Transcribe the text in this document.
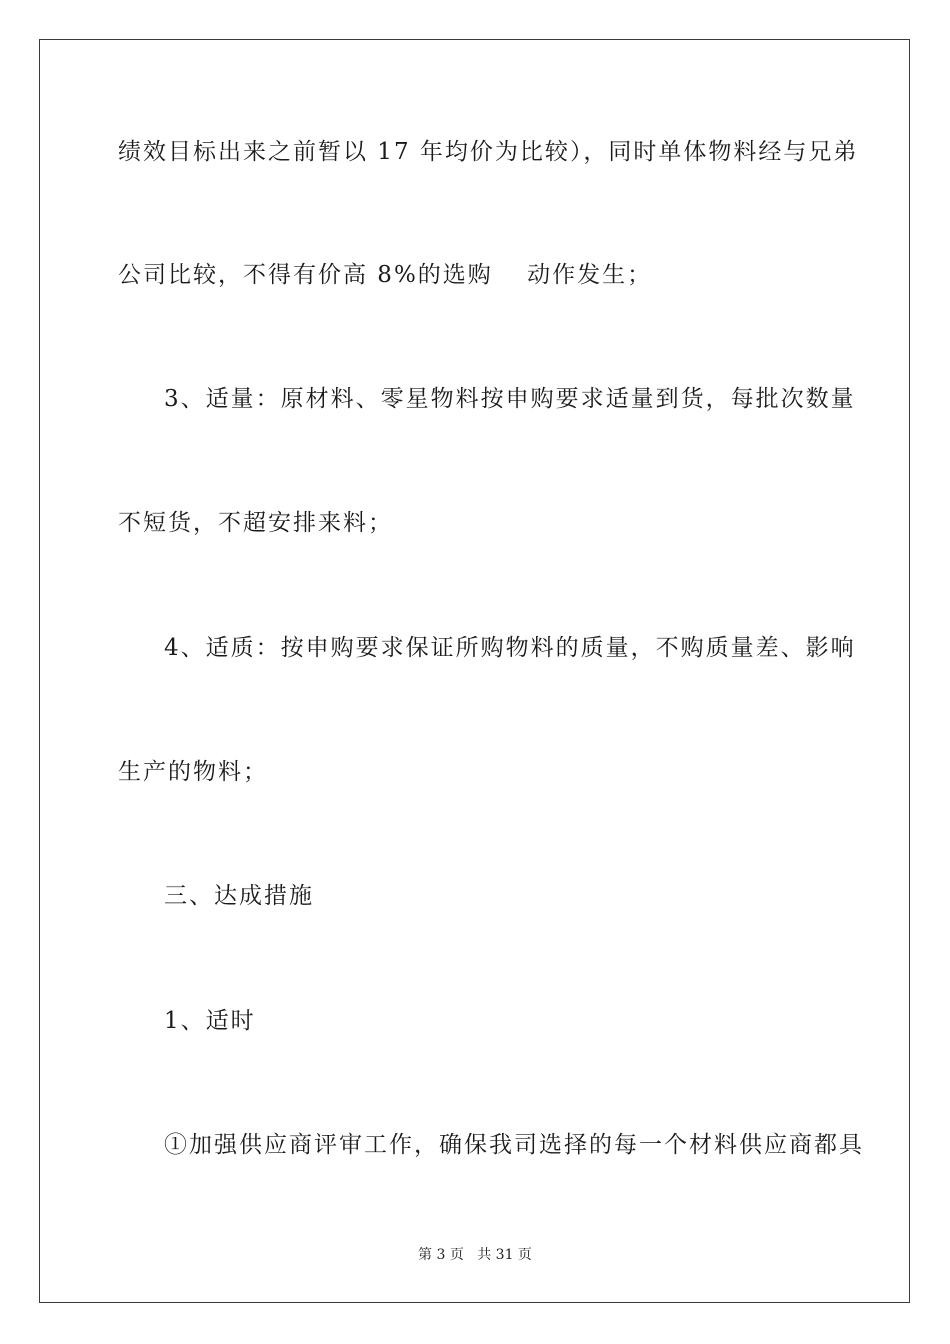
绩效目标出来之前暂以 17 年均价为比较），同时单体物料经与兄弟
公司比较，不得有价高 8%的选购　 动作发生；
3、适量：原材料、零星物料按申购要求适量到货，每批次数量
不短货，不超安排来料；
4、适质：按申购要求保证所购物料的质量，不购质量差、影响
生产的物料；
三、达成措施
1、适时
①加强供应商评审工作，确保我司选择的每一个材料供应商都具
第 3 页 共 31 页
